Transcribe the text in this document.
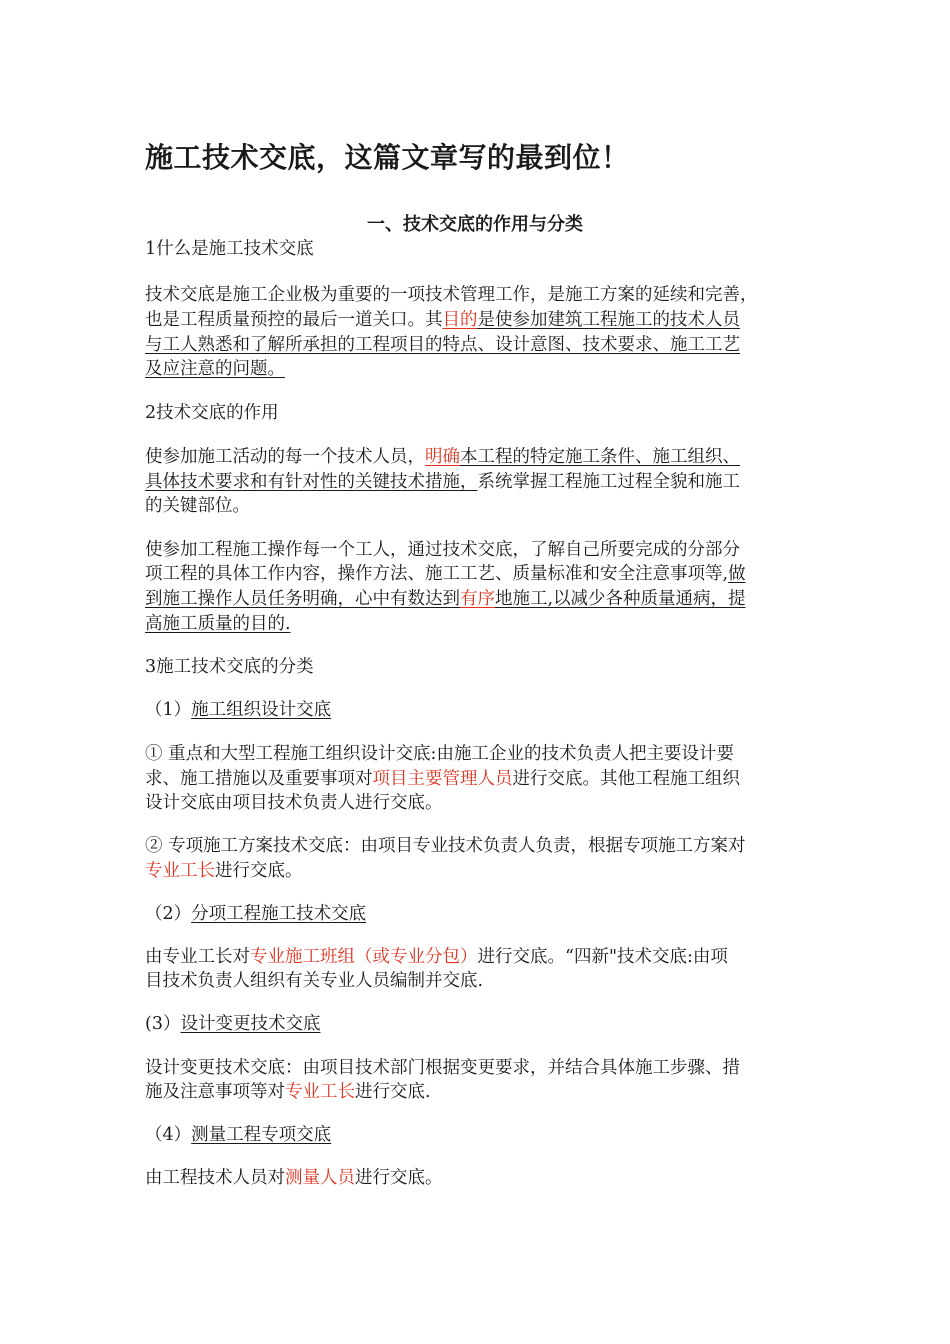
施工技术交底，这篇文章写的最到位！
一、技术交底的作用与分类

1什么是施工技术交底

技术交底是施工企业极为重要的一项技术管理工作，是施工方案的延续和完善，

也是工程质量预控的最后一道关口。其目的是使参加建筑工程施工的技术人员

与工人熟悉和了解所承担的工程项目的特点、设计意图、技术要求、施工工艺

及应注意的问题。

2技术交底的作用

使参加施工活动的每一个技术人员，明确本工程的特定施工条件、施工组织、

具体技术要求和有针对性的关键技术措施，系统掌握工程施工过程全貌和施工

的关键部位。

使参加工程施工操作每一个工人，通过技术交底，了解自己所要完成的分部分

项工程的具体工作内容，操作方法、施工工艺、质量标准和安全注意事项等,做

到施工操作人员任务明确，心中有数达到有序地施工,以减少各种质量通病，提

高施工质量的目的.

3施工技术交底的分类

（1）施工组织设计交底

① 重点和大型工程施工组织设计交底:由施工企业的技术负责人把主要设计要

求、施工措施以及重要事项对项目主要管理人员进行交底。其他工程施工组织

设计交底由项目技术负责人进行交底。

② 专项施工方案技术交底：由项目专业技术负责人负责，根据专项施工方案对

专业工长进行交底。

（2）分项工程施工技术交底

由专业工长对专业施工班组（或专业分包）进行交底。“四新"技术交底:由项

目技术负责人组织有关专业人员编制并交底.

(3）设计变更技术交底

设计变更技术交底：由项目技术部门根据变更要求，并结合具体施工步骤、措

施及注意事项等对专业工长进行交底.

（4）测量工程专项交底

由工程技术人员对测量人员进行交底。
